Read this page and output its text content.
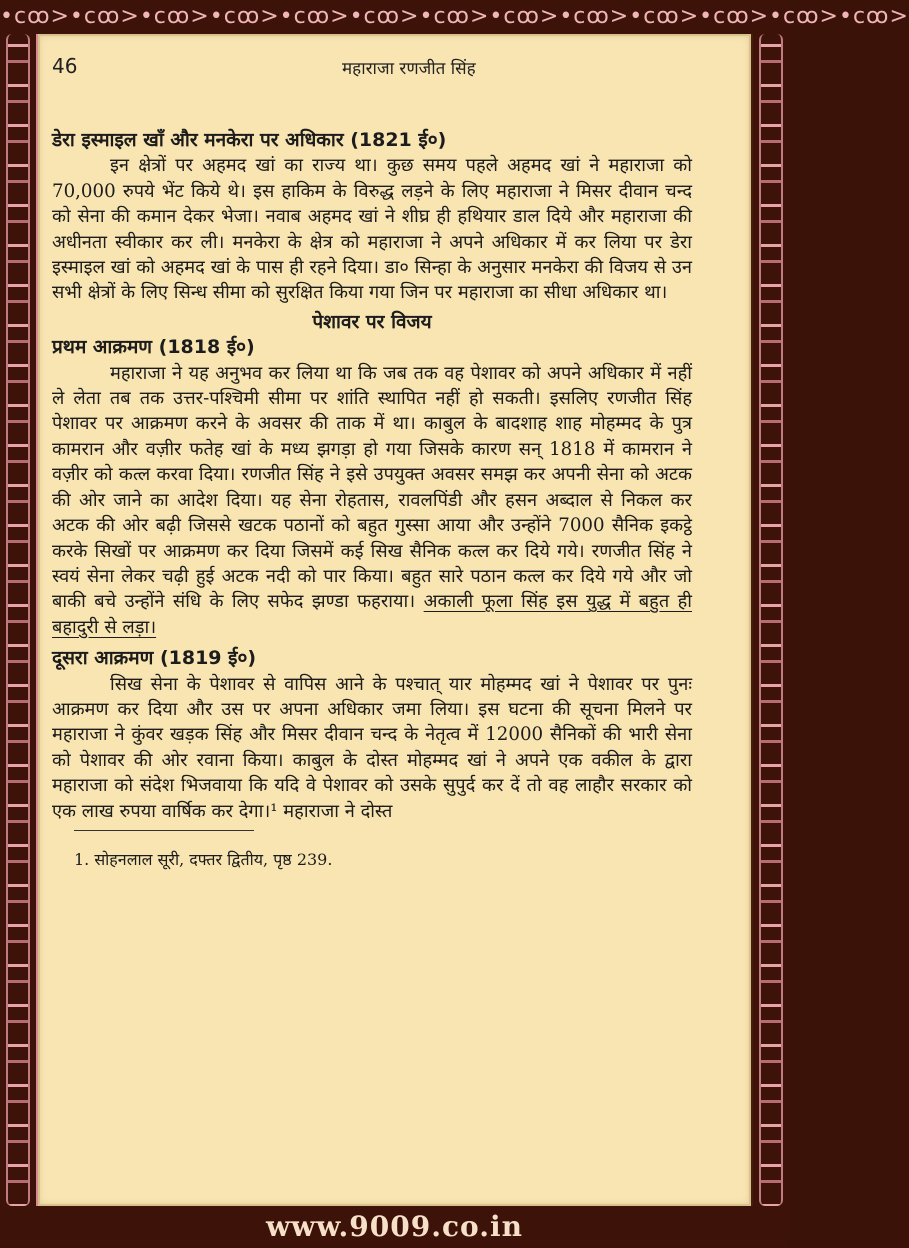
•cꝏ>•cꝏ>•cꝏ>•cꝏ>•cꝏ>•cꝏ>•cꝏ>•cꝏ>•cꝏ>•cꝏ>•cꝏ>•cꝏ>•cꝏ>
www.9009.co.in
46	महाराजा रणजीत सिंह

डेरा इस्माइल खाँ और मनकेरा पर अधिकार (1821 ई०)

इन क्षेत्रों पर अहमद खां का राज्य था। कुछ समय पहले अहमद खां ने महाराजा को 70,000 रुपये भेंट किये थे। इस हाकिम के विरुद्ध लड़ने के लिए महाराजा ने मिसर दीवान चन्द को सेना की कमान देकर भेजा। नवाब अहमद खां ने शीघ्र ही हथियार डाल दिये और महाराजा की अधीनता स्वीकार कर ली। मनकेरा के क्षेत्र को महाराजा ने अपने अधिकार में कर लिया पर डेरा इस्माइल खां को अहमद खां के पास ही रहने दिया। डा० सिन्हा के अनुसार मनकेरा की विजय से उन सभी क्षेत्रों के लिए सिन्ध सीमा को सुरक्षित किया गया जिन पर महाराजा का सीधा अधिकार था।

पेशावर पर विजय

प्रथम आक्रमण (1818 ई०)

महाराजा ने यह अनुभव कर लिया था कि जब तक वह पेशावर को अपने अधिकार में नहीं ले लेता तब तक उत्तर-पश्चिमी सीमा पर शांति स्थापित नहीं हो सकती। इसलिए रणजीत सिंह पेशावर पर आक्रमण करने के अवसर की ताक में था। काबुल के बादशाह शाह मोहम्मद के पुत्र कामरान और वज़ीर फतेह खां के मध्य झगड़ा हो गया जिसके कारण सन् 1818 में कामरान ने वज़ीर को कत्ल करवा दिया। रणजीत सिंह ने इसे उपयुक्त अवसर समझ कर अपनी सेना को अटक की ओर जाने का आदेश दिया। यह सेना रोहतास, रावलपिंडी और हसन अब्दाल से निकल कर अटक की ओर बढ़ी जिससे खटक पठानों को बहुत गुस्सा आया और उन्होंने 7000 सैनिक इकट्ठे करके सिखों पर आक्रमण कर दिया जिसमें कई सिख सैनिक कत्ल कर दिये गये। रणजीत सिंह ने स्वयं सेना लेकर चढ़ी हुई अटक नदी को पार किया। बहुत सारे पठान कत्ल कर दिये गये और जो बाकी बचे उन्होंने संधि के लिए सफेद झण्डा फहराया। अकाली फूला सिंह इस युद्ध में बहुत ही बहादुरी से लड़ा।

दूसरा आक्रमण (1819 ई०)

सिख सेना के पेशावर से वापिस आने के पश्चात् यार मोहम्मद खां ने पेशावर पर पुनः आक्रमण कर दिया और उस पर अपना अधिकार जमा लिया। इस घटना की सूचना मिलने पर महाराजा ने कुंवर खड़क सिंह और मिसर दीवान चन्द के नेतृत्व में 12000 सैनिकों की भारी सेना को पेशावर की ओर रवाना किया। काबुल के दोस्त मोहम्मद खां ने अपने एक वकील के द्वारा महाराजा को संदेश भिजवाया कि यदि वे पेशावर को उसके सुपुर्द कर दें तो वह लाहौर सरकार को एक लाख रुपया वार्षिक कर देगा।¹ महाराजा ने दोस्त

1. सोहनलाल सूरी, दफ्तर द्वितीय, पृष्ठ 239.
